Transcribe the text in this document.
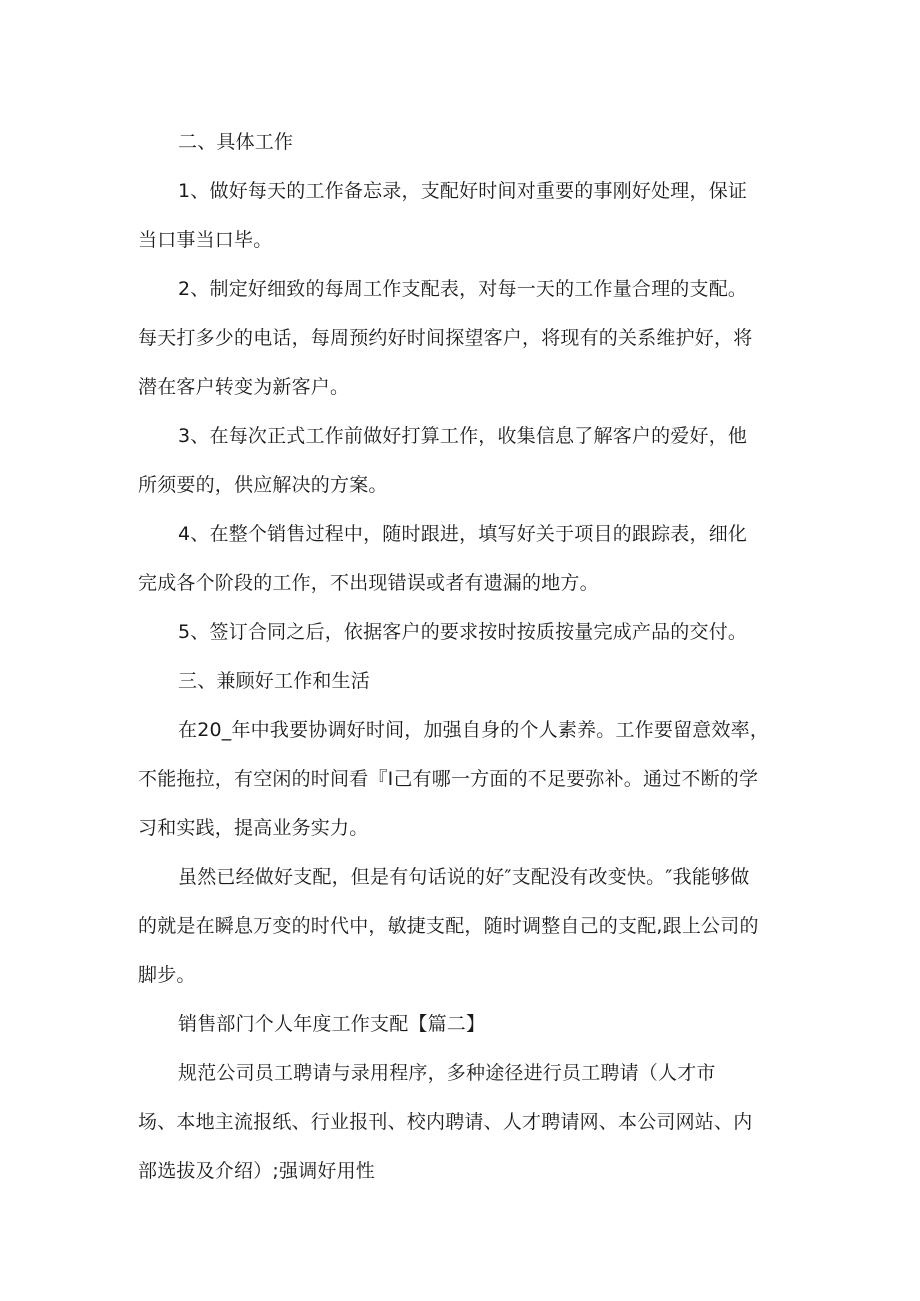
二、具体工作

1、做好每天的工作备忘录，支配好时间对重要的事刚好处理，保证
当口事当口毕。

2、制定好细致的每周工作支配表，对每一天的工作量合理的支配。
每天打多少的电话，每周预约好时间探望客户，将现有的关系维护好，将
潜在客户转变为新客户。

3、在每次正式工作前做好打算工作，收集信息了解客户的爱好，他
所须要的，供应解决的方案。

4、在整个销售过程中，随时跟进，填写好关于项目的跟踪表，细化
完成各个阶段的工作，不出现错误或者有遗漏的地方。

5、签订合同之后，依据客户的要求按时按质按量完成产品的交付。

三、兼顾好工作和生活

在20_年中我要协调好时间，加强自身的个人素养。工作要留意效率，
不能拖拉，有空闲的时间看『I己有哪一方面的不足要弥补。通过不断的学
习和实践，提高业务实力。

虽然已经做好支配，但是有句话说的好″支配没有改变快。″我能够做
的就是在瞬息万变的时代中，敏捷支配，随时调整自己的支配,跟上公司的
脚步。

销售部门个人年度工作支配【篇二】

规范公司员工聘请与录用程序，多种途径进行员工聘请（人才市
场、本地主流报纸、行业报刊、校内聘请、人才聘请网、本公司网站、内
部选拔及介绍）;强调好用性
